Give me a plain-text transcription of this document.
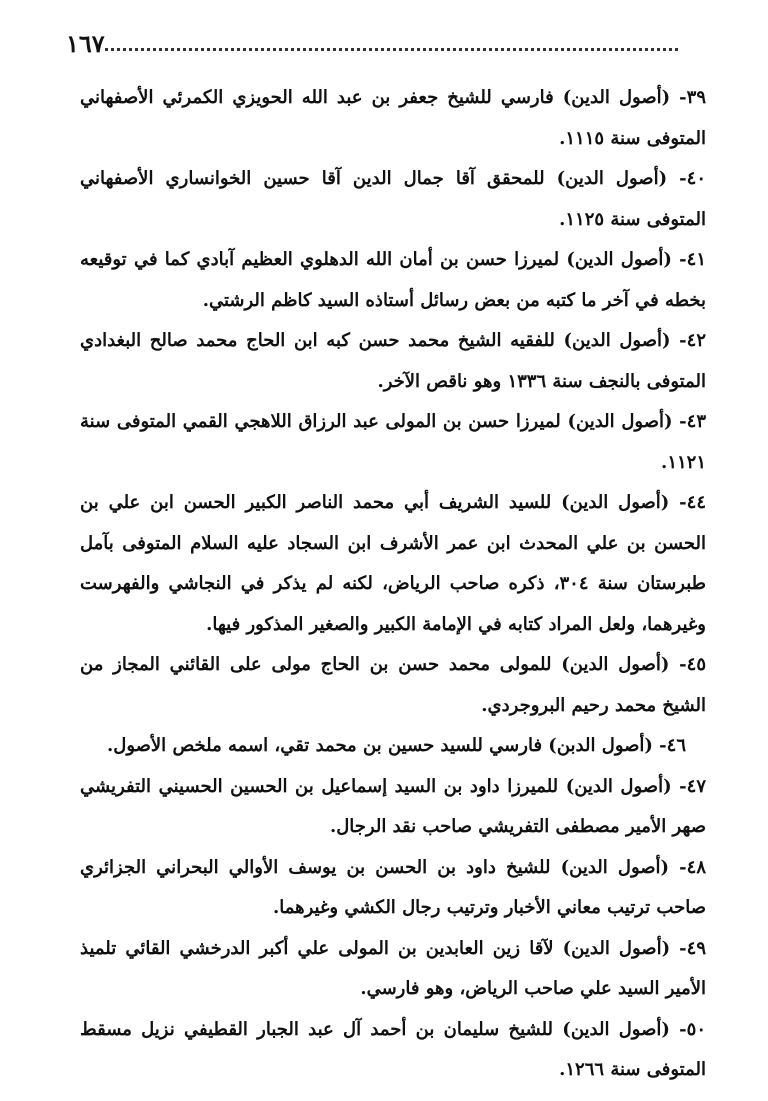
١٦٧

٣٩- (أصول الدين) فارسي للشيخ جعفر بن عبد الله الحويزي الكمرئي الأصفهاني المتوفى سنة ١١١٥.

٤٠- (أصول الدين) للمحقق آقا جمال الدين آقا حسين الخوانساري الأصفهاني المتوفى سنة ١١٢٥.

٤١- (أصول الدين) لميرزا حسن بن أمان الله الدهلوي العظيم آبادي كما في توقيعه بخطه في آخر ما كتبه من بعض رسائل أستاذه السيد كاظم الرشتي.

٤٢- (أصول الدين) للفقيه الشيخ محمد حسن كبه ابن الحاج محمد صالح البغدادي المتوفى بالنجف سنة ١٣٣٦ وهو ناقص الآخر.

٤٣- (أصول الدين) لميرزا حسن بن المولى عبد الرزاق اللاهجي القمي المتوفى سنة ١١٢١.

٤٤- (أصول الدين) للسيد الشريف أبي محمد الناصر الكبير الحسن ابن علي بن الحسن بن علي المحدث ابن عمر الأشرف ابن السجاد عليه السلام المتوفى بآمل طبرستان سنة ٣٠٤، ذكره صاحب الرياض، لكنه لم يذكر في النجاشي والفهرست وغيرهما، ولعل المراد كتابه في الإمامة الكبير والصغير المذكور فيها.

٤٥- (أصول الدين) للمولى محمد حسن بن الحاج مولى على القائني المجاز من الشيخ محمد رحيم البروجردي.

٤٦- (أصول الدبن) فارسي للسيد حسين بن محمد تقي، اسمه ملخص الأصول.

٤٧- (أصول الدين) للميرزا داود بن السيد إسماعيل بن الحسين الحسيني التفريشي صهر الأمير مصطفى التفريشي صاحب نقد الرجال.

٤٨- (أصول الدين) للشيخ داود بن الحسن بن يوسف الأوالي البحراني الجزائري صاحب ترتيب معاني الأخبار وترتيب رجال الكشي وغيرهما.

٤٩- (أصول الدين) لآقا زين العابدين بن المولى علي أكبر الدرخشي القائي تلميذ الأمير السيد علي صاحب الرياض، وهو فارسي.

٥٠- (أصول الدين) للشيخ سليمان بن أحمد آل عبد الجبار القطيفي نزيل مسقط المتوفى سنة ١٢٦٦.
